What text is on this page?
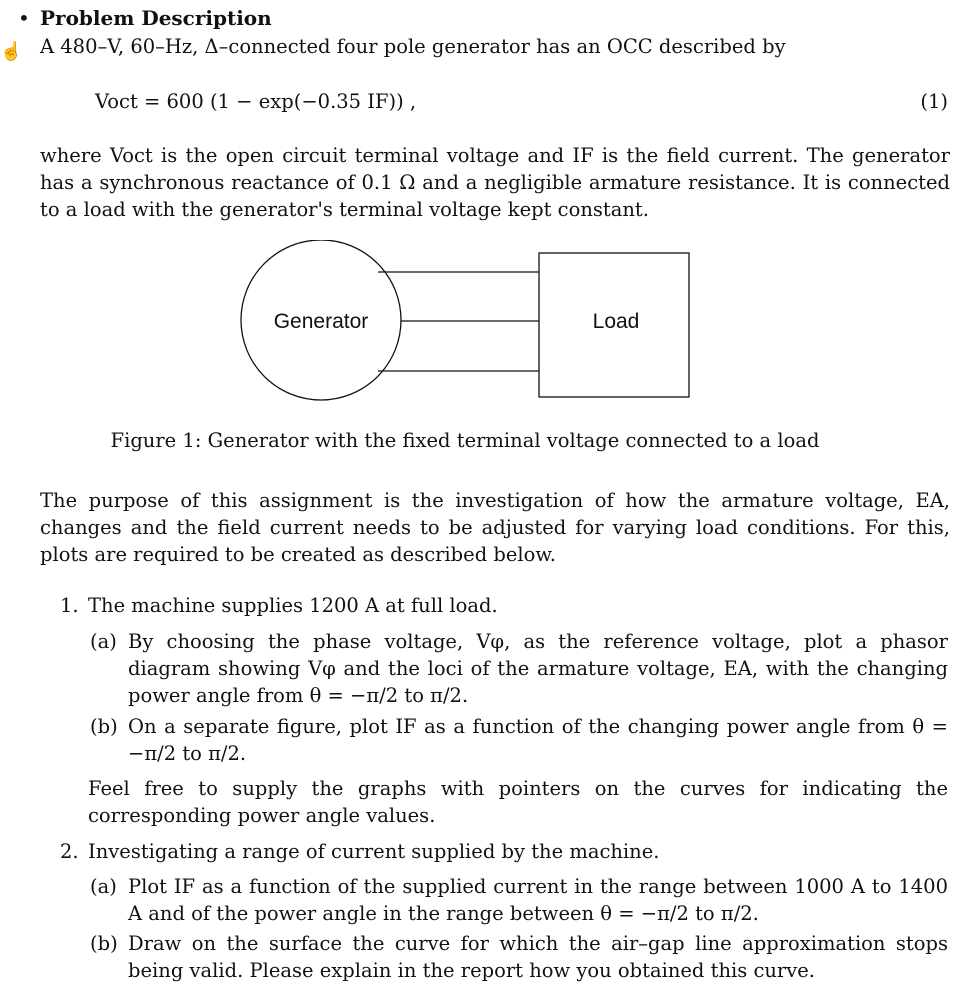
• Problem Description
☝ A 480–V, 60–Hz, Δ–connected four pole generator has an OCC described by
Voct = 600 (1 − exp(−0.35 IF)) ,	(1)
where Voct is the open circuit terminal voltage and IF is the field current. The generator has a synchronous reactance of 0.1 Ω and a negligible armature resistance. It is connected to a load with the generator's terminal voltage kept constant.
Generator	Load
Figure 1: Generator with the fixed terminal voltage connected to a load
The purpose of this assignment is the investigation of how the armature voltage, EA, changes and the field current needs to be adjusted for varying load conditions. For this, plots are required to be created as described below.
1. The machine supplies 1200 A at full load.
(a) By choosing the phase voltage, Vφ, as the reference voltage, plot a phasor diagram showing Vφ and the loci of the armature voltage, EA, with the changing power angle from θ = −π/2 to π/2.
(b) On a separate figure, plot IF as a function of the changing power angle from θ = −π/2 to π/2.
Feel free to supply the graphs with pointers on the curves for indicating the corresponding power angle values.
2. Investigating a range of current supplied by the machine.
(a) Plot IF as a function of the supplied current in the range between 1000 A to 1400 A and of the power angle in the range between θ = −π/2 to π/2.
(b) Draw on the surface the curve for which the air–gap line approximation stops being valid. Please explain in the report how you obtained this curve.
